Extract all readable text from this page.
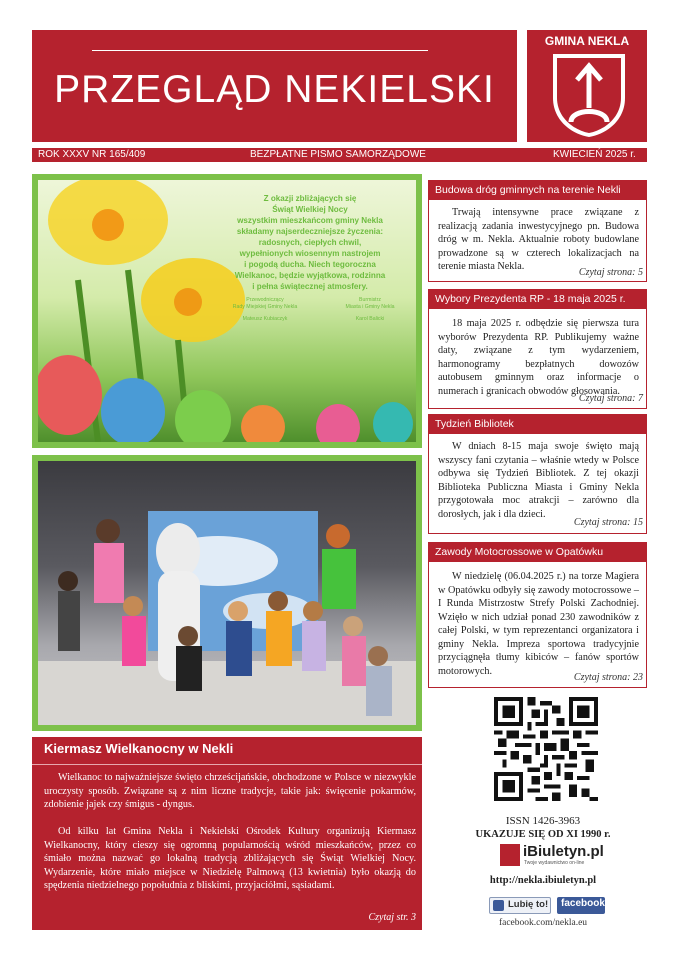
PRZEGLĄD NEKIELSKI
GMINA NEKLA
ROK XXXV NR 165/409	BEZPŁATNE PISMO SAMORZĄDOWE	KWIECIEŃ 2025 r.
Z okazji zbliżających się
Świąt Wielkiej Nocy
wszystkim mieszkańcom gminy Nekla
składamy najserdeczniejsze życzenia:
radosnych, ciepłych chwil,
wypełnionych wiosennym nastrojem
i pogodą ducha. Niech tegoroczna
Wielkanoc, będzie wyjątkowa, rodzinna
i pełna świątecznej atmosfery.
Przewodniczący
Rady Miejskiej Gminy Nekla
Mateusz Kubiaczyk
Burmistrz
Miasta i Gminy Nekla
Karol Balicki
Budowa dróg gminnych na terenie Nekli
Trwają intensywne prace związane z realizacją zadania inwestycyjnego pn. Budowa dróg w m. Nekla. Aktualnie roboty budowlane prowadzone są w czterech lokalizacjach na terenie miasta Nekla.
Czytaj strona: 5
Wybory Prezydenta RP - 18 maja 2025 r.
18 maja 2025 r. odbędzie się pierwsza tura wyborów Prezydenta RP. Publikujemy ważne daty, związane z tym wydarzeniem, harmonogramy bezpłatnych dowozów autobusem gminnym oraz informacje o numerach i granicach obwodów głosowania.
Czytaj strona: 7
Tydzień Bibliotek
W dniach 8-15 maja swoje święto mają wszyscy fani czytania – właśnie wtedy w Polsce odbywa się Tydzień Bibliotek. Z tej okazji Biblioteka Publiczna Miasta i Gminy Nekla przygotowała moc atrakcji – zarówno dla dorosłych, jak i dla dzieci.
Czytaj strona: 15
Zawody Motocrossowe w Opatówku
W niedzielę (06.04.2025 r.) na torze Magiera w Opatówku odbyły się zawody motocrossowe – I Runda Mistrzostw Strefy Polski Zachodniej. Wzięło w nich udział ponad 230 zawodników z całej Polski, w tym reprezentanci organizatora i gminy Nekla. Impreza sportowa tradycyjnie przyciągnęła tłumy kibiców – fanów sportów motorowych.
Czytaj strona: 23
ISSN 1426-3963
UKAZUJE SIĘ OD XI 1990 r.
iBiuletyn.pl
Twoje wydawnictwo on-line
http://nekla.ibiuletyn.pl
Lubię to! facebook
facebook.com/nekla.eu
Kiermasz Wielkanocny w Nekli
Wielkanoc to najważniejsze święto chrześcijańskie, obchodzone w Polsce w niezwykle uroczysty sposób. Związane są z nim liczne tradycje, takie jak: święcenie pokarmów, zdobienie jajek czy śmigus - dyngus.
Od kilku lat Gmina Nekla i Nekielski Ośrodek Kultury organizują Kiermasz Wielkanocny, który cieszy się ogromną popularnością wśród mieszkańców, przez co śmiało można nazwać go lokalną tradycją zbliżających się Świąt Wielkiej Nocy. Wydarzenie, które miało miejsce w Niedzielę Palmową (13 kwietnia) było okazją do spędzenia niedzielnego popołudnia z bliskimi, przyjaciółmi, sąsiadami.
Czytaj str. 3
